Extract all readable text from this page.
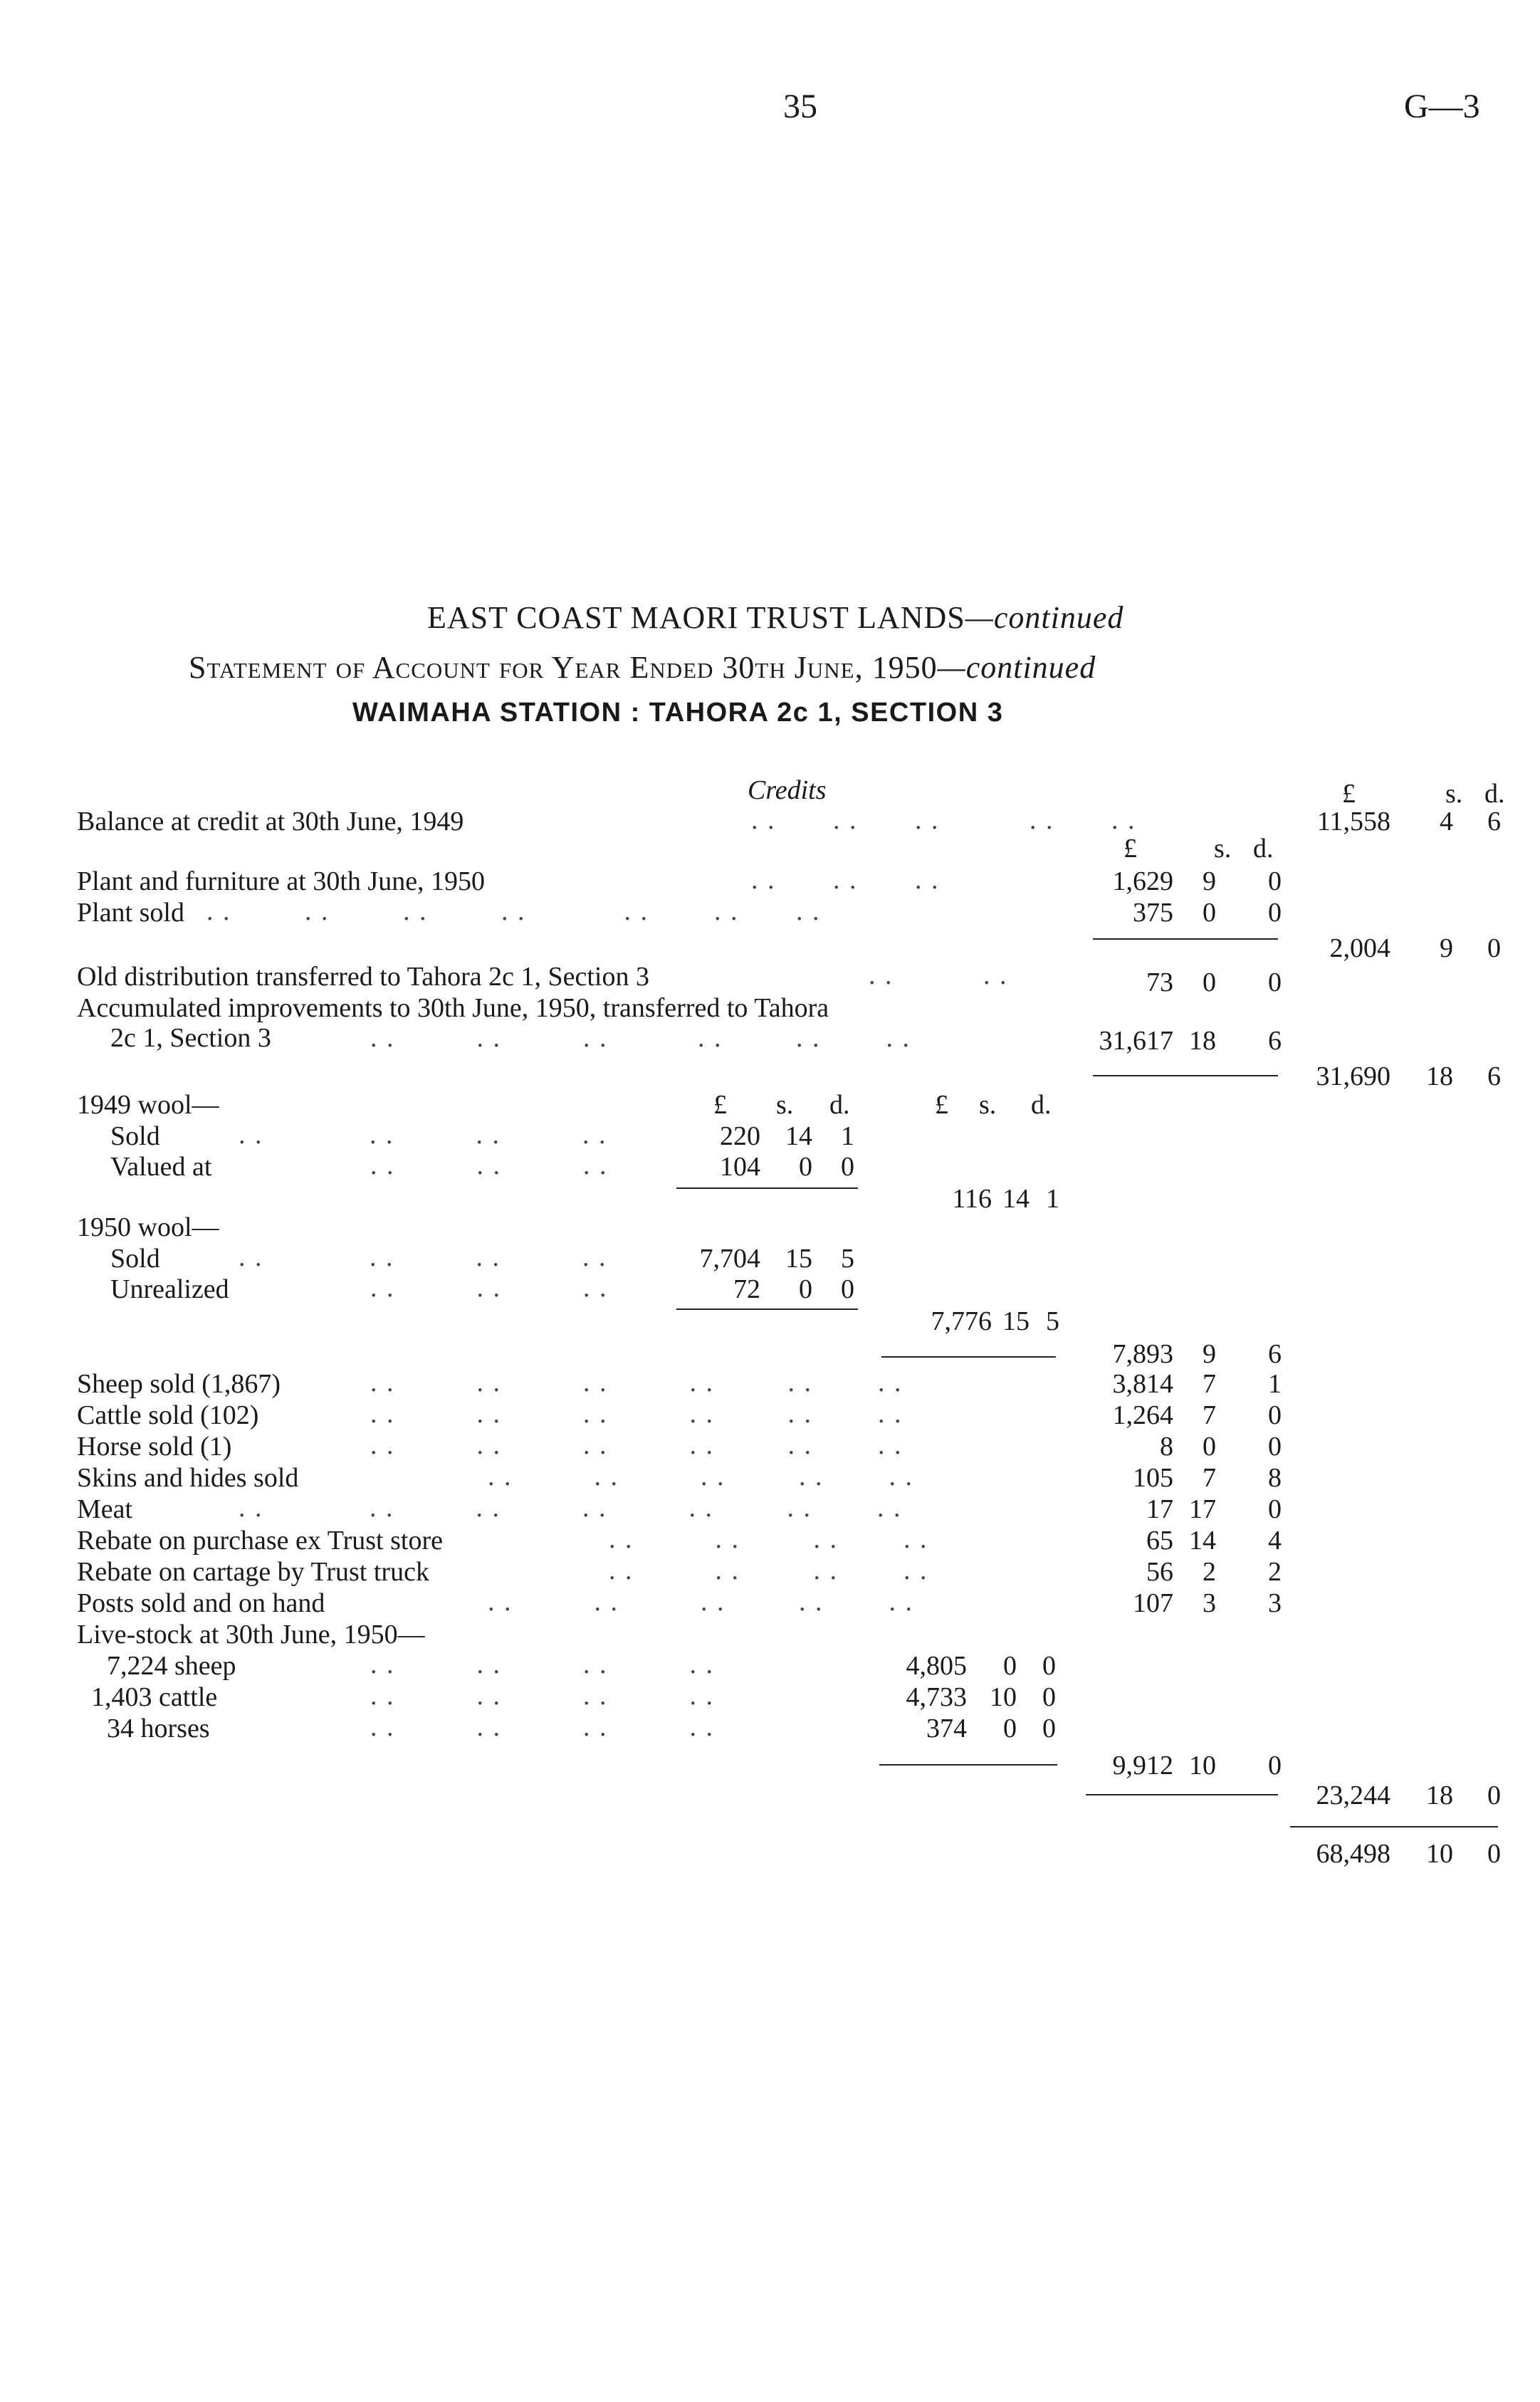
35	G—3
EAST COAST MAORI TRUST LANDS—continued
Statement of Account for Year Ended 30th June, 1950—continued
WAIMAHA STATION : TAHORA 2c 1, SECTION 3
Credits	£	s. d.
Balance at credit at 30th June, 1949	. .       . .       . .           . .       . .	11,558 4 6
£	s. d.
Plant and furniture at 30th June, 1950	. .       . .       . .	1,629 9 0
Plant sold . .         . .         . .         . .            . .        . .       . .	375 0 0
2,004 9 0
Old distribution transferred to Tahora 2c 1, Section 3	. .           . .	73 0 0
Accumulated improvements to 30th June, 1950, transferred to Tahora
2c 1, Section 3	. .          . .          . .           . .         . .        . .	31,617 18 6
31,690 18 6
1949 wool—	£ s. d.	£ s. d.
Sold	. .             . .          . .          . .	220 14 1
Valued at	. .          . .          . .	104 0 0
116 14 1
1950 wool—
Sold	. .             . .          . .          . .	7,704 15 5
Unrealized	. .          . .          . .	72 0 0
7,776 15 5
7,893 9 6
Sheep sold (1,867)	. .          . .          . .          . .         . .        . .	3,814 7 1
Cattle sold (102)	. .          . .          . .          . .         . .        . .	1,264 7 0
Horse sold (1)	. .          . .          . .          . .         . .        . .	8 0 0
Skins and hides sold	. .          . .          . .         . .        . .	105 7 8
Meat	. .             . .          . .          . .          . .         . .        . .	17 17 0
Rebate on purchase ex Trust store	. .          . .         . .        . .	65 14 4
Rebate on cartage by Trust truck	. .          . .         . .        . .	56 2 2
Posts sold and on hand	. .          . .          . .         . .        . .	107 3 3
Live-stock at 30th June, 1950—
7,224 sheep	. .          . .          . .          . .	4,805 0 0
1,403 cattle	. .          . .          . .          . .	4,733 10 0
34 horses	. .          . .          . .          . .	374 0 0
9,912 10 0
23,244 18 0
68,498 10 0
